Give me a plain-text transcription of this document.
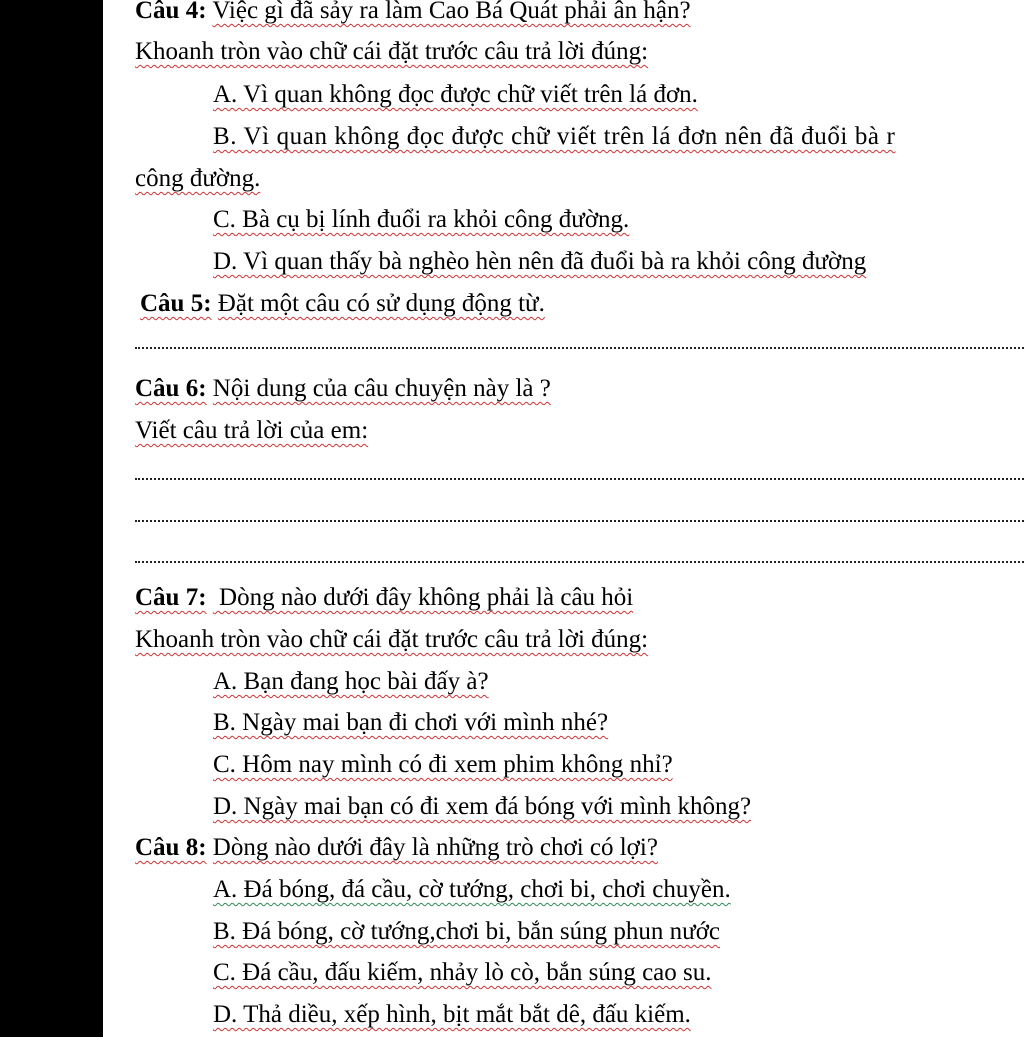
Câu 4: Việc gì đã sảy ra làm Cao Bá Quát phải ân hận?
Khoanh tròn vào chữ cái đặt trước câu trả lời đúng:
A. Vì quan không đọc được chữ viết trên lá đơn.
B. Vì quan không đọc được chữ viết trên lá đơn nên đã đuổi bà r
công đường.
C. Bà cụ bị lính đuổi ra khỏi công đường.
D. Vì quan thấy bà nghèo hèn nên đã đuổi bà ra khỏi công đường
Câu 5: Đặt một câu có sử dụng động từ.
Câu 6: Nội dung của câu chuyện này là ?
Viết câu trả lời của em:
Câu 7:  Dòng nào dưới đây không phải là câu hỏi
Khoanh tròn vào chữ cái đặt trước câu trả lời đúng:
A. Bạn đang học bài đấy à?
B. Ngày mai bạn đi chơi với mình nhé?
C. Hôm nay mình có đi xem phim không nhỉ?
D. Ngày mai bạn có đi xem đá bóng với mình không?
Câu 8: Dòng nào dưới đây là những trò chơi có lợi?
A. Đá bóng, đá cầu, cờ tướng, chơi bi, chơi chuyền.
B. Đá bóng, cờ tướng,chơi bi, bắn súng phun nước
C. Đá cầu, đấu kiếm, nhảy lò cò, bắn súng cao su.
D. Thả diều, xếp hình, bịt mắt bắt dê, đấu kiếm.
